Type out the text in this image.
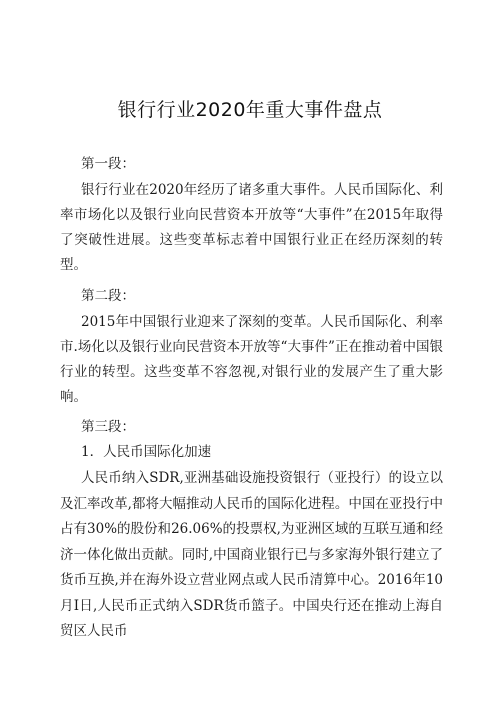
银行行业2020年重大事件盘点
第一段：
银行行业在2020年经历了诸多重大事件。人民币国际化、利率市场化以及银行业向民营资本开放等“大事件”在2015年取得了突破性进展。这些变革标志着中国银行业正在经历深刻的转型。
第二段：
2015年中国银行业迎来了深刻的变革。人民币国际化、利率市.场化以及银行业向民营资本开放等“大事件”正在推动着中国银行业的转型。这些变革不容忽视,对银行业的发展产生了重大影响。
第三段：
1．人民币国际化加速
人民币纳入SDR,亚洲基础设施投资银行（亚投行）的设立以及汇率改革,都将大幅推动人民币的国际化进程。中国在亚投行中占有30%的股份和26.06%的投票权,为亚洲区域的互联互通和经济一体化做出贡献。同时,中国商业银行已与多家海外银行建立了货币互换,并在海外设立营业网点或人民币清算中心。2016年10月I日,人民币正式纳入SDR货币篮子。中国央行还在推动上海自贸区人民币
